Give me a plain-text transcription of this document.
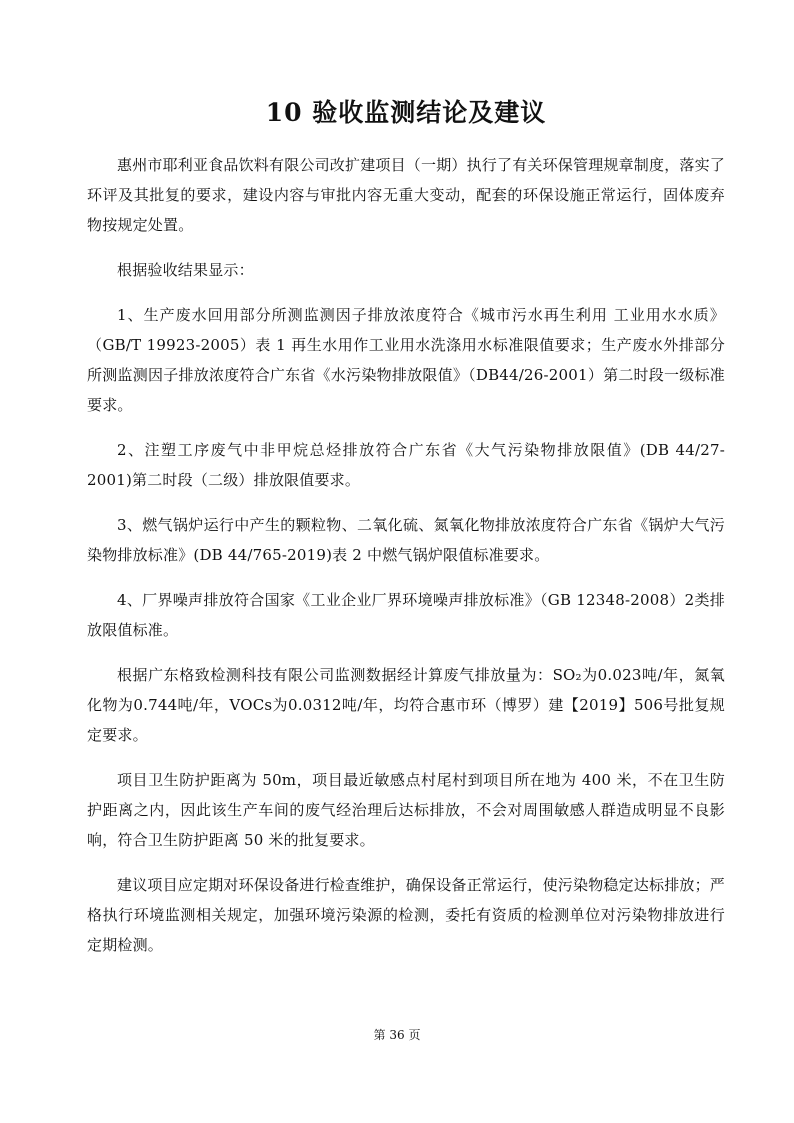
10 验收监测结论及建议

惠州市耶利亚食品饮料有限公司改扩建项目（一期）执行了有关环保管理规章制度，落实了环评及其批复的要求，建设内容与审批内容无重大变动，配套的环保设施正常运行，固体废弃物按规定处置。

根据验收结果显示：

1、生产废水回用部分所测监测因子排放浓度符合《城市污水再生利用 工业用水水质》（GB/T 19923-2005）表 1 再生水用作工业用水洗涤用水标准限值要求；生产废水外排部分所测监测因子排放浓度符合广东省《水污染物排放限值》（DB44/26-2001）第二时段一级标准要求。

2、注塑工序废气中非甲烷总烃排放符合广东省《大气污染物排放限值》(DB 44/27-2001)第二时段（二级）排放限值要求。

3、燃气锅炉运行中产生的颗粒物、二氧化硫、氮氧化物排放浓度符合广东省《锅炉大气污染物排放标准》(DB 44/765-2019)表 2 中燃气锅炉限值标准要求。

4、厂界噪声排放符合国家《工业企业厂界环境噪声排放标准》（GB 12348-2008）2类排放限值标准。

根据广东格致检测科技有限公司监测数据经计算废气排放量为：SO₂为0.023吨/年，氮氧化物为0.744吨/年，VOCs为0.0312吨/年，均符合惠市环（博罗）建【2019】506号批复规定要求。

项目卫生防护距离为 50m，项目最近敏感点村尾村到项目所在地为 400 米，不在卫生防护距离之内，因此该生产车间的废气经治理后达标排放，不会对周围敏感人群造成明显不良影响，符合卫生防护距离 50 米的批复要求。

建议项目应定期对环保设备进行检查维护，确保设备正常运行，使污染物稳定达标排放；严格执行环境监测相关规定，加强环境污染源的检测，委托有资质的检测单位对污染物排放进行定期检测。

第 36 页
